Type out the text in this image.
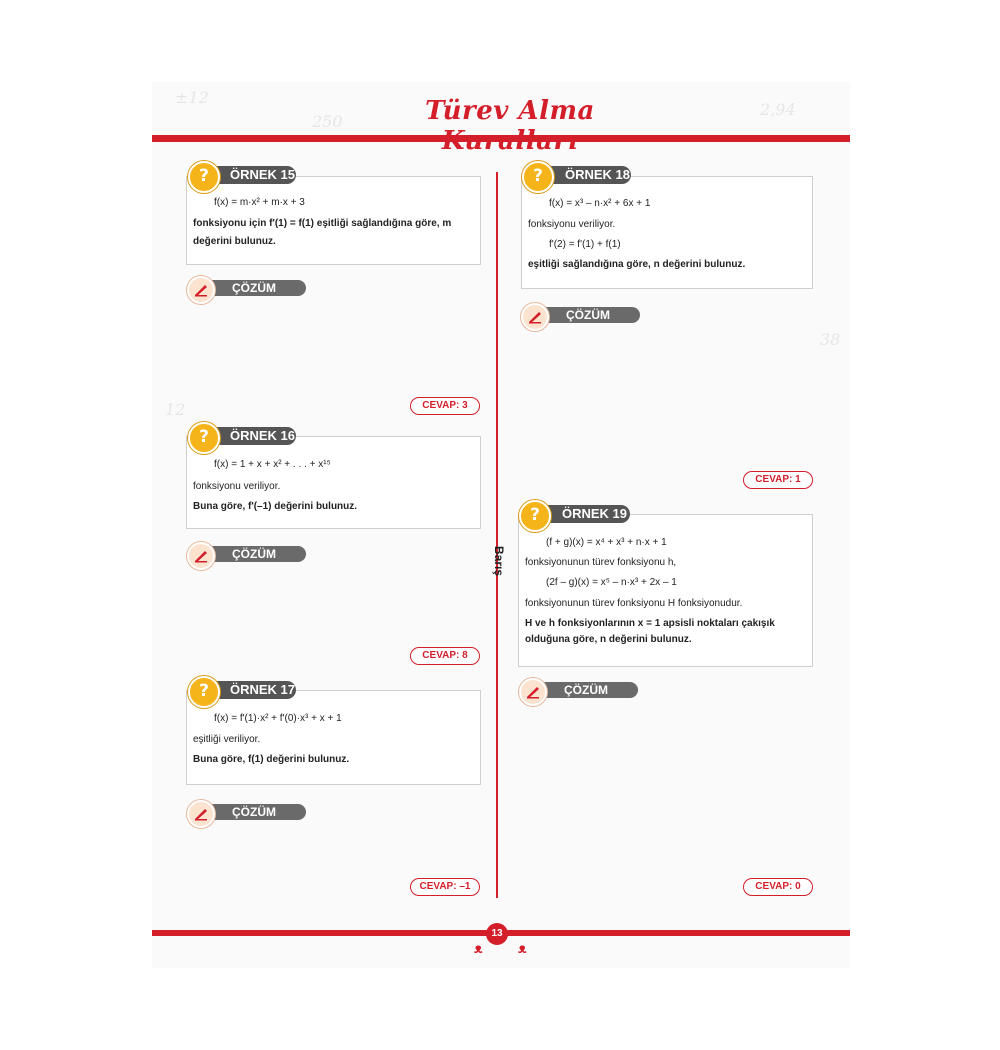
±12
250
2,94
38
12
Türev Alma
Barış
ÖRNEK 15
?
f(x) = m·x² + m·x + 3
fonksiyonu için f'(1) = f(1) eşitliği sağlandığına göre, m
değerini bulunuz.
ÇÖZÜM
CEVAP: 3
ÖRNEK 16
?
f(x) = 1 + x + x² + . . . + x¹⁵
fonksiyonu veriliyor.
Buna göre, f'(–1) değerini bulunuz.
ÇÖZÜM
CEVAP: 8
ÖRNEK 17
?
f(x) = f'(1)·x² + f'(0)·x³ + x + 1
eşitliği veriliyor.
Buna göre, f(1) değerini bulunuz.
ÇÖZÜM
CEVAP: –1
ÖRNEK 18
?
f(x) = x³ – n·x² + 6x + 1
fonksiyonu veriliyor.
f'(2) = f'(1) + f(1)
eşitliği sağlandığına göre, n değerini bulunuz.
ÇÖZÜM
CEVAP: 1
ÖRNEK 19
?
(f + g)(x) = x⁴ + x³ + n·x + 1
fonksiyonunun türev fonksiyonu h,
(2f – g)(x) = x⁵ – n·x³ + 2x – 1
fonksiyonunun türev fonksiyonu H fonksiyonudur.
H ve h fonksiyonlarının x = 1 apsisli noktaları çakışık
olduğuna göre, n değerini bulunuz.
ÇÖZÜM
CEVAP: 0
13
ᴥ	ᴥ
